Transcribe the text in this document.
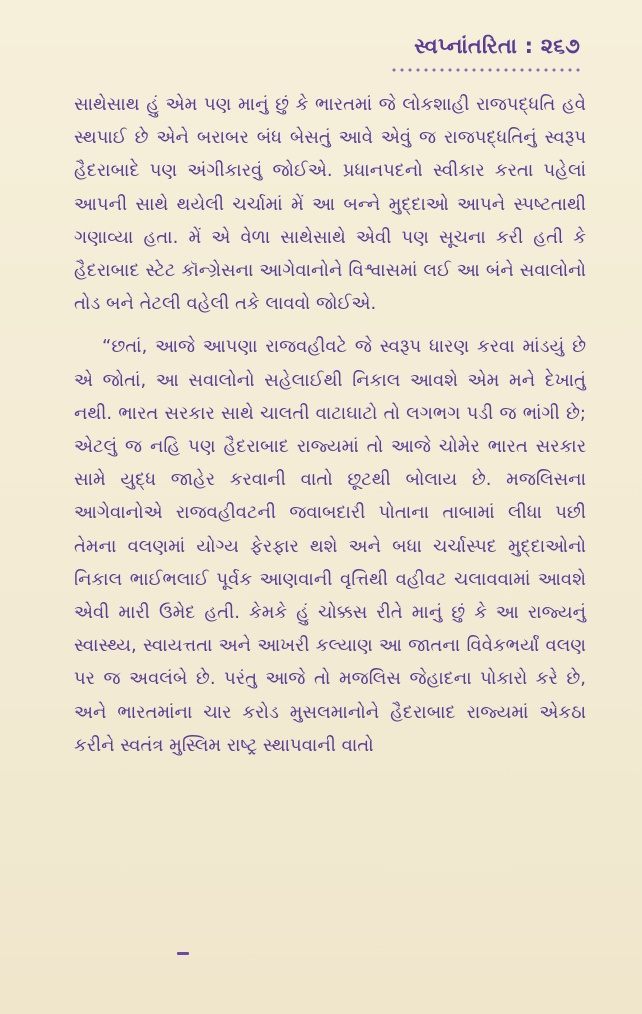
સ્વપ્નાંતરિતા : ૨૬૭

સાથેસાથ હું એમ પણ માનું છું કે ભારતમાં જે લોકશાહી રાજપદ્ધતિ હવે સ્થપાઈ છે એને બરાબર બંધ બેસતું આવે એવું જ રાજપદ્ધતિનું સ્વરૂપ હૈદરાબાદે પણ અંગીકારવું જોઈએ. પ્રધાનપદનો સ્વીકાર કરતા પહેલાં આપની સાથે થયેલી ચર્ચામાં મેં આ બન્ને મુદ્દાઓ આપને સ્પષ્ટતાથી ગણાવ્યા હતા. મેં એ વેળા સાથેસાથે એવી પણ સૂચના કરી હતી કે હૈદરાબાદ સ્ટેટ કૉન્ગ્રેસના આગેવાનોને વિશ્વાસમાં લઈ આ બંને સવાલોનો તોડ બને તેટલી વહેલી તકે લાવવો જોઈએ.

“છતાં, આજે આપણા રાજવહીવટે જે સ્વરૂપ ધારણ કરવા માંડયું છે એ જોતાં, આ સવાલોનો સહેલાઈથી નિકાલ આવશે એમ મને દેખાતું નથી. ભારત સરકાર સાથે ચાલતી વાટાઘાટો તો લગભગ પડી જ ભાંગી છે; એટલું જ નહિ પણ હૈદરાબાદ રાજ્યમાં તો આજે ચોમેર ભારત સરકાર સામે યુદ્ધ જાહેર કરવાની વાતો છૂટથી બોલાય છે. મજલિસના આગેવાનોએ રાજવહીવટની જવાબદારી પોતાના તાબામાં લીધા પછી તેમના વલણમાં યોગ્ય ફેરફાર થશે અને બધા ચર્ચાસ્પદ મુદ્દાઓનો નિકાલ ભાઈભલાઈ પૂર્વક આણવાની વૃત્તિથી વહીવટ ચલાવવામાં આવશે એવી મારી ઉમેદ હતી. કેમકે હું ચોક્કસ રીતે માનું છું કે આ રાજ્યનું સ્વાસ્થ્ય, સ્વાયત્તતા અને આખરી કલ્યાણ આ જાતના વિવેકભર્યાં વલણ પર જ અવલંબે છે. પરંતુ આજે તો મજલિસ જેહાદના પોકારો કરે છે, અને ભારતમાંના ચાર કરોડ મુસલમાનોને હૈદરાબાદ રાજ્યમાં એકઠા કરીને સ્વતંત્ર મુસ્લિમ રાષ્ટ્ર સ્થાપવાની વાતો
